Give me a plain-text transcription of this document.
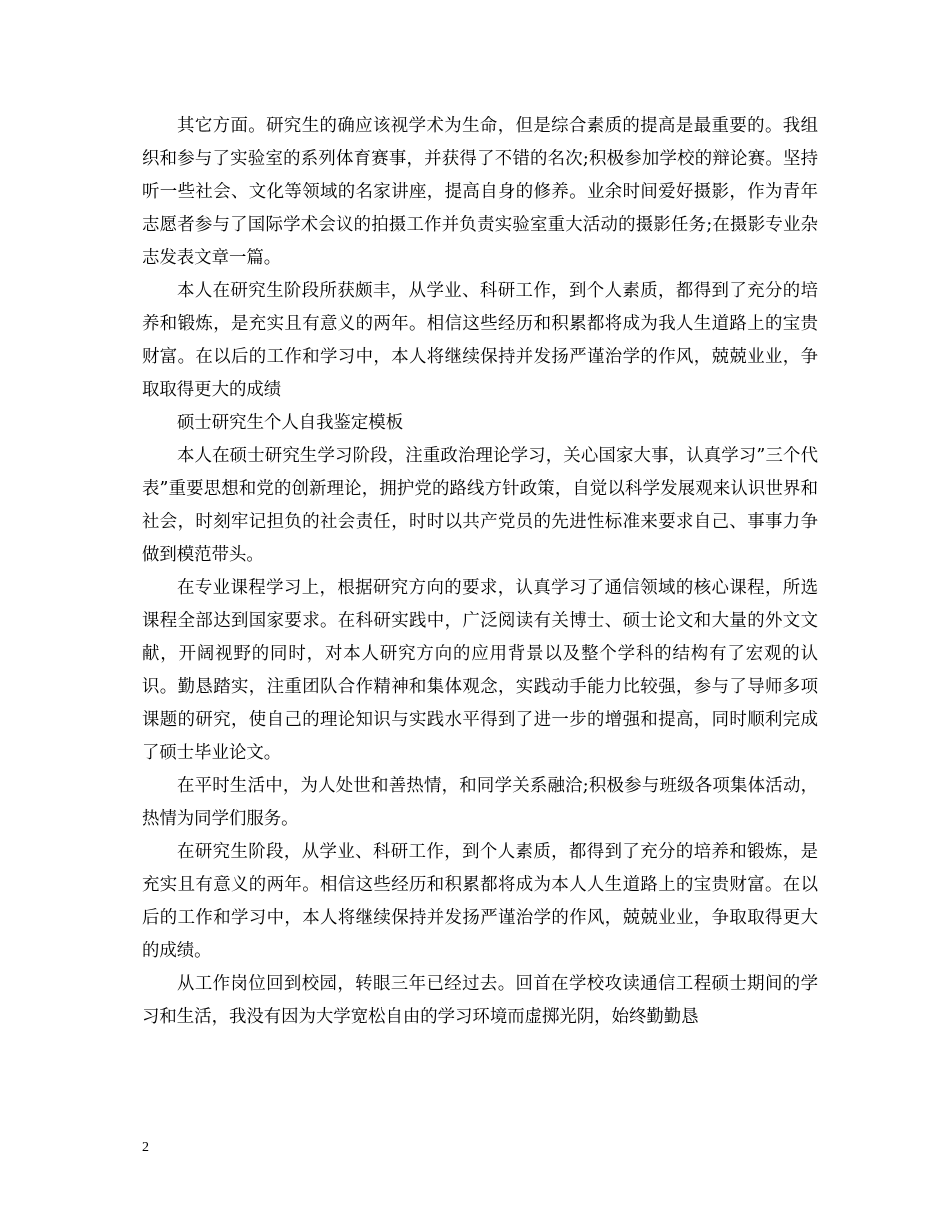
其它方面。研究生的确应该视学术为生命，但是综合素质的提高是最重要的。我组织和参与了实验室的系列体育赛事，并获得了不错的名次;积极参加学校的辩论赛。坚持听一些社会、文化等领域的名家讲座，提高自身的修养。业余时间爱好摄影，作为青年志愿者参与了国际学术会议的拍摄工作并负责实验室重大活动的摄影任务;在摄影专业杂志发表文章一篇。

本人在研究生阶段所获颇丰，从学业、科研工作，到个人素质，都得到了充分的培养和锻炼，是充实且有意义的两年。相信这些经历和积累都将成为我人生道路上的宝贵财富。在以后的工作和学习中，本人将继续保持并发扬严谨治学的作风，兢兢业业，争取取得更大的成绩

硕士研究生个人自我鉴定模板

本人在硕士研究生学习阶段，注重政治理论学习，关心国家大事，认真学习”三个代表”重要思想和党的创新理论，拥护党的路线方针政策，自觉以科学发展观来认识世界和社会，时刻牢记担负的社会责任，时时以共产党员的先进性标准来要求自己、事事力争做到模范带头。

在专业课程学习上，根据研究方向的要求，认真学习了通信领域的核心课程，所选课程全部达到国家要求。在科研实践中，广泛阅读有关博士、硕士论文和大量的外文文献，开阔视野的同时，对本人研究方向的应用背景以及整个学科的结构有了宏观的认识。勤恳踏实，注重团队合作精神和集体观念，实践动手能力比较强，参与了导师多项课题的研究，使自己的理论知识与实践水平得到了进一步的增强和提高，同时顺利完成了硕士毕业论文。

在平时生活中，为人处世和善热情，和同学关系融洽;积极参与班级各项集体活动，热情为同学们服务。

在研究生阶段，从学业、科研工作，到个人素质，都得到了充分的培养和锻炼，是充实且有意义的两年。相信这些经历和积累都将成为本人人生道路上的宝贵财富。在以后的工作和学习中，本人将继续保持并发扬严谨治学的作风，兢兢业业，争取取得更大的成绩。

从工作岗位回到校园，转眼三年已经过去。回首在学校攻读通信工程硕士期间的学习和生活，我没有因为大学宽松自由的学习环境而虚掷光阴，始终勤勤恳

2
